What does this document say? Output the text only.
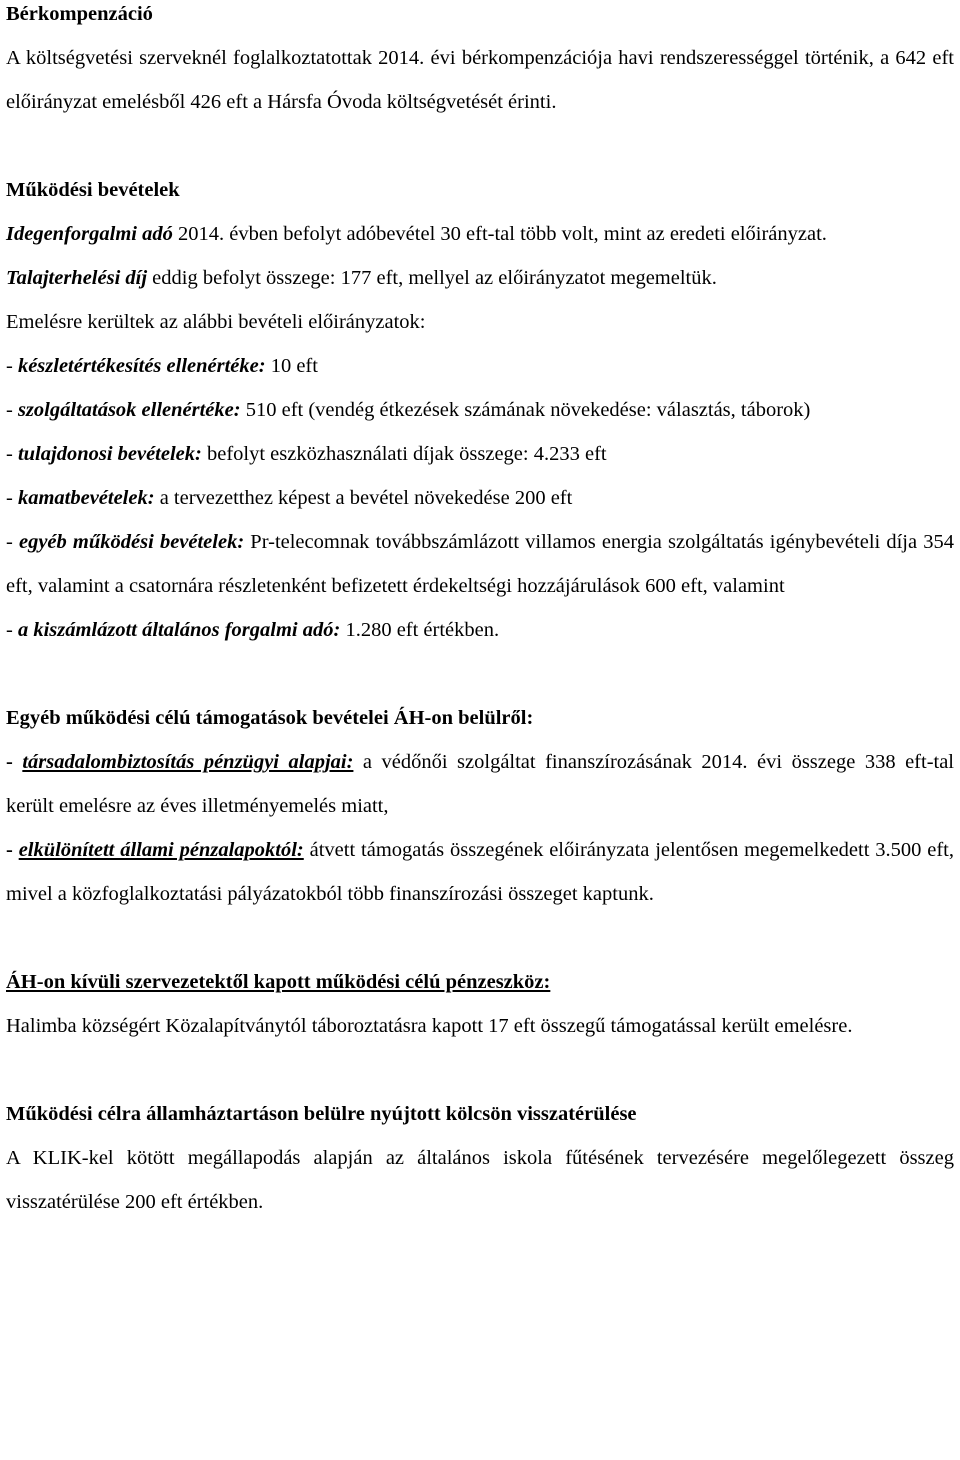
Bérkompenzáció

A költségvetési szerveknél foglalkoztatottak 2014. évi bérkompenzációja havi rendszerességgel történik, a 642 eft előirányzat emelésből 426 eft a Hársfa Óvoda költségvetését érinti.

Működési bevételek

Idegenforgalmi adó 2014. évben befolyt adóbevétel 30 eft-tal több volt, mint az eredeti előirányzat.

Talajterhelési díj eddig befolyt összege: 177 eft, mellyel az előirányzatot megemeltük.

Emelésre kerültek az alábbi bevételi előirányzatok:

- készletértékesítés ellenértéke: 10 eft

- szolgáltatások ellenértéke: 510 eft (vendég étkezések számának növekedése: választás, táborok)

- tulajdonosi bevételek: befolyt eszközhasználati díjak összege: 4.233 eft

- kamatbevételek: a tervezetthez képest a bevétel növekedése 200 eft

- egyéb működési bevételek: Pr-telecomnak továbbszámlázott villamos energia szolgáltatás igénybevételi díja 354 eft, valamint a csatornára részletenként befizetett érdekeltségi hozzájárulások 600 eft, valamint

- a kiszámlázott általános forgalmi adó: 1.280 eft értékben.

Egyéb működési célú támogatások bevételei ÁH-on belülről:

- társadalombiztosítás pénzügyi alapjai: a védőnői szolgáltat finanszírozásának 2014. évi összege 338 eft-tal került emelésre az éves illetményemelés miatt,

- elkülönített állami pénzalapoktól: átvett támogatás összegének előirányzata jelentősen megemelkedett 3.500 eft, mivel a közfoglalkoztatási pályázatokból több finanszírozási összeget kaptunk.

ÁH-on kívüli szervezetektől kapott működési célú pénzeszköz:

Halimba községért Közalapítványtól táboroztatásra kapott 17 eft összegű támogatással került emelésre.

Működési célra államháztartáson belülre nyújtott kölcsön visszatérülése

A KLIK-kel kötött megállapodás alapján az általános iskola fűtésének tervezésére megelőlegezett összeg visszatérülése 200 eft értékben.
